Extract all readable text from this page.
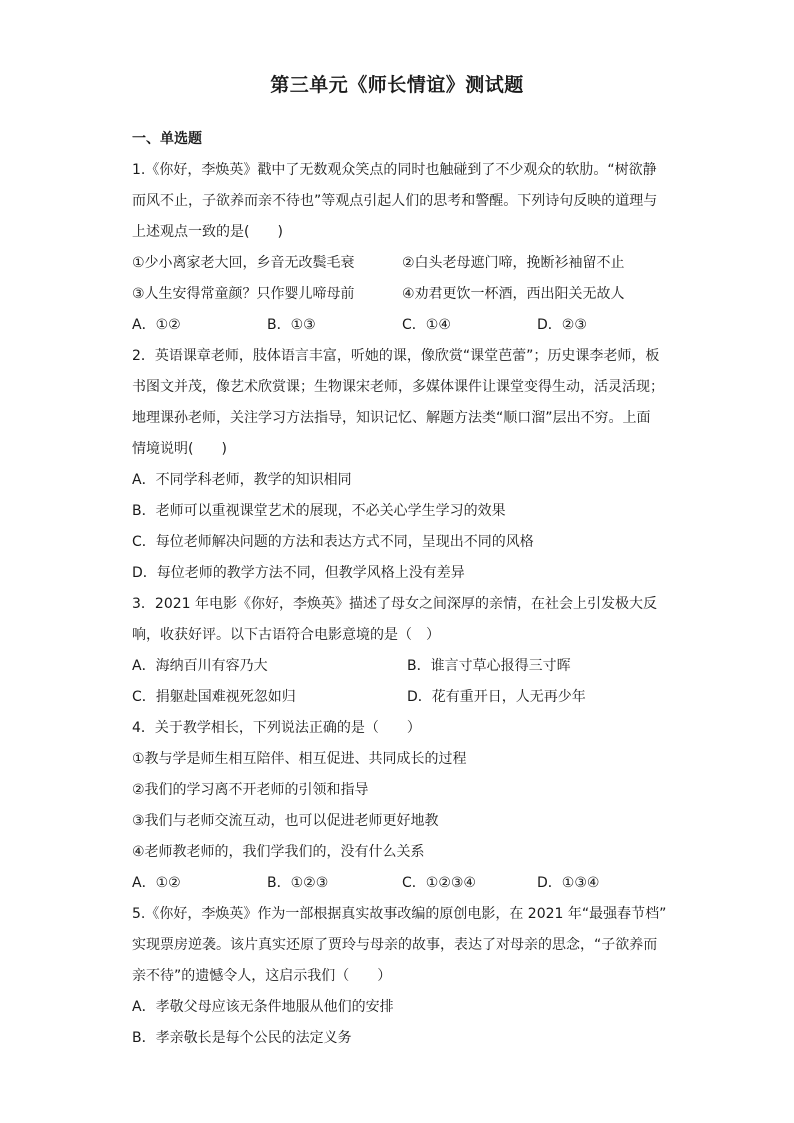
第三单元《师长情谊》测试题
一、单选题
1.《你好，李焕英》戳中了无数观众笑点的同时也触碰到了不少观众的软肋。“树欲静
而风不止，子欲养而亲不待也”等观点引起人们的思考和警醒。下列诗句反映的道理与
上述观点一致的是(　　)
①少小离家老大回，乡音无改鬓毛衰	②白头老母遮门啼，挽断衫袖留不止
③人生安得常童颜？只作婴儿啼母前	④劝君更饮一杯酒，西出阳关无故人
A．①②	B．①③	C．①④	D．②③
2．英语课章老师，肢体语言丰富，听她的课，像欣赏“课堂芭蕾”；历史课李老师，板
书图文并茂，像艺术欣赏课；生物课宋老师，多媒体课件让课堂变得生动，活灵活现；
地理课孙老师，关注学习方法指导，知识记忆、解题方法类“顺口溜”层出不穷。上面
情境说明(　　)
A．不同学科老师，教学的知识相同
B．老师可以重视课堂艺术的展现，不必关心学生学习的效果
C．每位老师解决问题的方法和表达方式不同，呈现出不同的风格
D．每位老师的教学方法不同，但教学风格上没有差异
3．2021 年电影《你好，李焕英》描述了母女之间深厚的亲情，在社会上引发极大反
响，收获好评。以下古语符合电影意境的是（　）
A．海纳百川有容乃大	B．谁言寸草心报得三寸晖
C．捐躯赴国难视死忽如归	D．花有重开日，人无再少年
4．关于教学相长，下列说法正确的是（　　）
①教与学是师生相互陪伴、相互促进、共同成长的过程
②我们的学习离不开老师的引领和指导
③我们与老师交流互动，也可以促进老师更好地教
④老师教老师的，我们学我们的，没有什么关系
A．①②	B．①②③	C．①②③④	D．①③④
5.《你好，李焕英》作为一部根据真实故事改编的原创电影，在 2021 年“最强春节档”
实现票房逆袭。该片真实还原了贾玲与母亲的故事，表达了对母亲的思念，“子欲养而
亲不待”的遗憾令人，这启示我们（　　）
A．孝敬父母应该无条件地服从他们的安排
B．孝亲敬长是每个公民的法定义务
